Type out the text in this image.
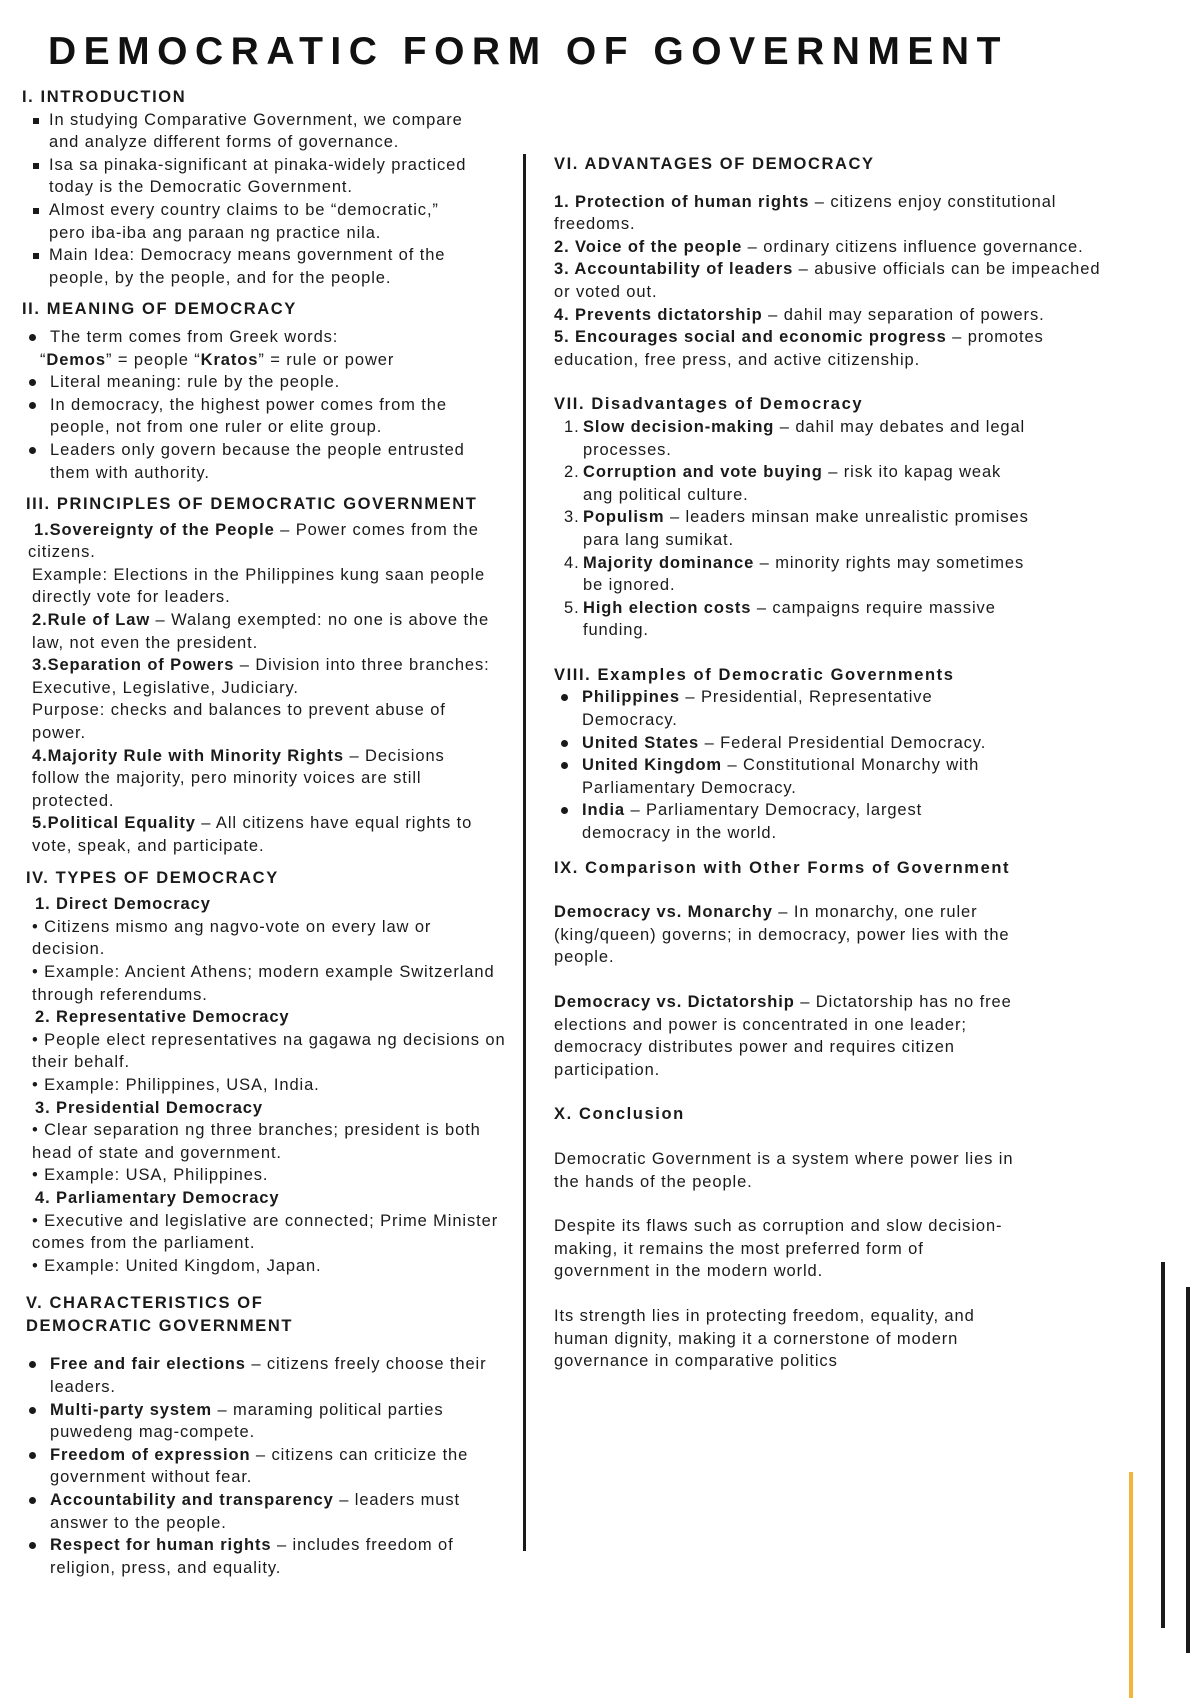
DEMOCRATIC FORM OF GOVERNMENT
I. INTRODUCTION
In studying Comparative Government, we compare and analyze different forms of governance.
Isa sa pinaka-significant at pinaka-widely practiced today is the Democratic Government.
Almost every country claims to be “democratic,” pero iba-iba ang paraan ng practice nila.
Main Idea: Democracy means government of the people, by the people, and for the people.
II. MEANING OF DEMOCRACY
The term comes from Greek words:

“Demos” = people “Kratos” = rule or power

Literal meaning: rule by the people.
In democracy, the highest power comes from the people, not from one ruler or elite group.
Leaders only govern because the people entrusted them with authority.
III. PRINCIPLES OF DEMOCRATIC GOVERNMENT

1.Sovereignty of the People – Power comes from the citizens.

Example: Elections in the Philippines kung saan people directly vote for leaders.

2.Rule of Law – Walang exempted: no one is above the law, not even the president.

3.Separation of Powers – Division into three branches: Executive, Legislative, Judiciary.

Purpose: checks and balances to prevent abuse of power.

4.Majority Rule with Minority Rights – Decisions follow the majority, pero minority voices are still protected.

5.Political Equality – All citizens have equal rights to vote, speak, and participate.

IV. TYPES OF DEMOCRACY

1. Direct Democracy

• Citizens mismo ang nagvo-vote on every law or decision.

• Example: Ancient Athens; modern example Switzerland through referendums.

2. Representative Democracy

• People elect representatives na gagawa ng decisions on their behalf.

• Example: Philippines, USA, India.

3. Presidential Democracy

• Clear separation ng three branches; president is both head of state and government.

• Example: USA, Philippines.

4. Parliamentary Democracy

• Executive and legislative are connected; Prime Minister comes from the parliament.

• Example: United Kingdom, Japan.

V. CHARACTERISTICS OF
DEMOCRATIC GOVERNMENT
Free and fair elections – citizens freely choose their leaders.
Multi-party system – maraming political parties puwedeng mag-compete.
Freedom of expression – citizens can criticize the government without fear.
Accountability and transparency – leaders must answer to the people.
Respect for human rights – includes freedom of religion, press, and equality.
VI. ADVANTAGES OF DEMOCRACY

1. Protection of human rights – citizens enjoy constitutional freedoms.

2. Voice of the people – ordinary citizens influence governance.

3. Accountability of leaders – abusive officials can be impeached or voted out.

4. Prevents dictatorship – dahil may separation of powers.

5. Encourages social and economic progress – promotes education, free press, and active citizenship.

VII. Disadvantages of Democracy
1. Slow decision-making – dahil may debates and legal processes.
2. Corruption and vote buying – risk ito kapag weak ang political culture.
3. Populism – leaders minsan make unrealistic promises para lang sumikat.
4. Majority dominance – minority rights may sometimes be ignored.
5. High election costs – campaigns require massive funding.
VIII. Examples of Democratic Governments
Philippines – Presidential, Representative Democracy.
United States – Federal Presidential Democracy.
United Kingdom – Constitutional Monarchy with Parliamentary Democracy.
India – Parliamentary Democracy, largest democracy in the world.
IX. Comparison with Other Forms of Government

Democracy vs. Monarchy – In monarchy, one ruler (king/queen) governs; in democracy, power lies with the people.

Democracy vs. Dictatorship – Dictatorship has no free elections and power is concentrated in one leader; democracy distributes power and requires citizen participation.

X. Conclusion

Democratic Government is a system where power lies in the hands of the people.

Despite its flaws such as corruption and slow decision-making, it remains the most preferred form of government in the modern world.

Its strength lies in protecting freedom, equality, and human dignity, making it a cornerstone of modern governance in comparative politics
